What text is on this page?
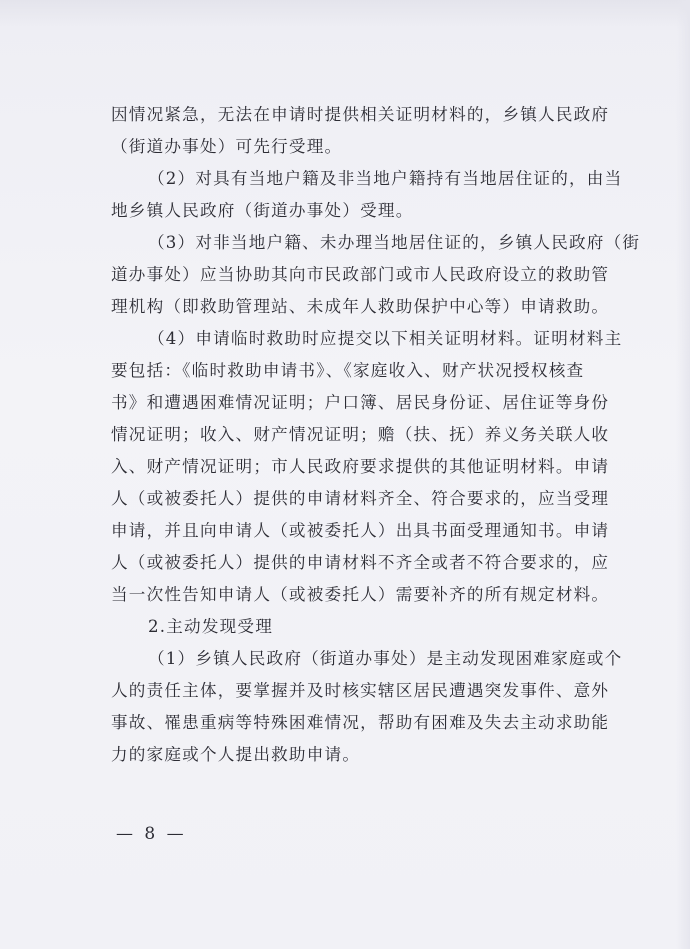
因情况紧急，无法在申请时提供相关证明材料的，乡镇人民政府
（街道办事处）可先行受理。
（2）对具有当地户籍及非当地户籍持有当地居住证的，由当
地乡镇人民政府（街道办事处）受理。
（3）对非当地户籍、未办理当地居住证的，乡镇人民政府（街
道办事处）应当协助其向市民政部门或市人民政府设立的救助管
理机构（即救助管理站、未成年人救助保护中心等）申请救助。
（4）申请临时救助时应提交以下相关证明材料。证明材料主
要包括：《临时救助申请书》、《家庭收入、财产状况授权核查
书》和遭遇困难情况证明；户口簿、居民身份证、居住证等身份
情况证明；收入、财产情况证明；赡（扶、抚）养义务关联人收
入、财产情况证明；市人民政府要求提供的其他证明材料。申请
人（或被委托人）提供的申请材料齐全、符合要求的，应当受理
申请，并且向申请人（或被委托人）出具书面受理通知书。申请
人（或被委托人）提供的申请材料不齐全或者不符合要求的，应
当一次性告知申请人（或被委托人）需要补齐的所有规定材料。
2.主动发现受理
（1）乡镇人民政府（街道办事处）是主动发现困难家庭或个
人的责任主体，要掌握并及时核实辖区居民遭遇突发事件、意外
事故、罹患重病等特殊困难情况，帮助有困难及失去主动求助能
力的家庭或个人提出救助申请。
— 8 —
